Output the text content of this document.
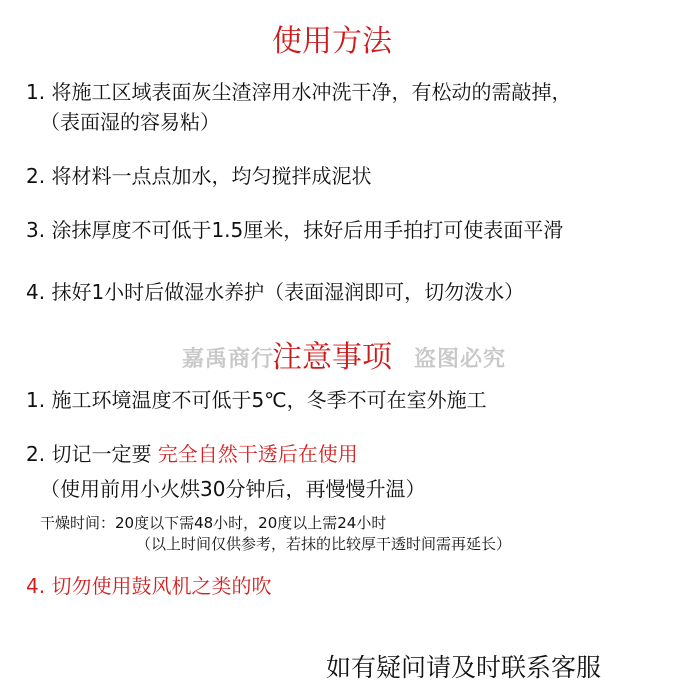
使用方法
1. 将施工区域表面灰尘渣滓用水冲洗干净，有松动的需敲掉，
（表面湿的容易粘）
2. 将材料一点点加水，均匀搅拌成泥状
3. 涂抹厚度不可低于1.5厘米，抹好后用手拍打可使表面平滑
4. 抹好1小时后做湿水养护（表面湿润即可，切勿泼水）
嘉禹商行	盗图必究
注意事项
1. 施工环境温度不可低于5℃，冬季不可在室外施工
2. 切记一定要 完全自然干透后在使用
（使用前用小火烘30分钟后，再慢慢升温）
干燥时间：20度以下需48小时，20度以上需24小时
（以上时间仅供参考，若抹的比较厚干透时间需再延长）
4. 切勿使用鼓风机之类的吹
如有疑问请及时联系客服
